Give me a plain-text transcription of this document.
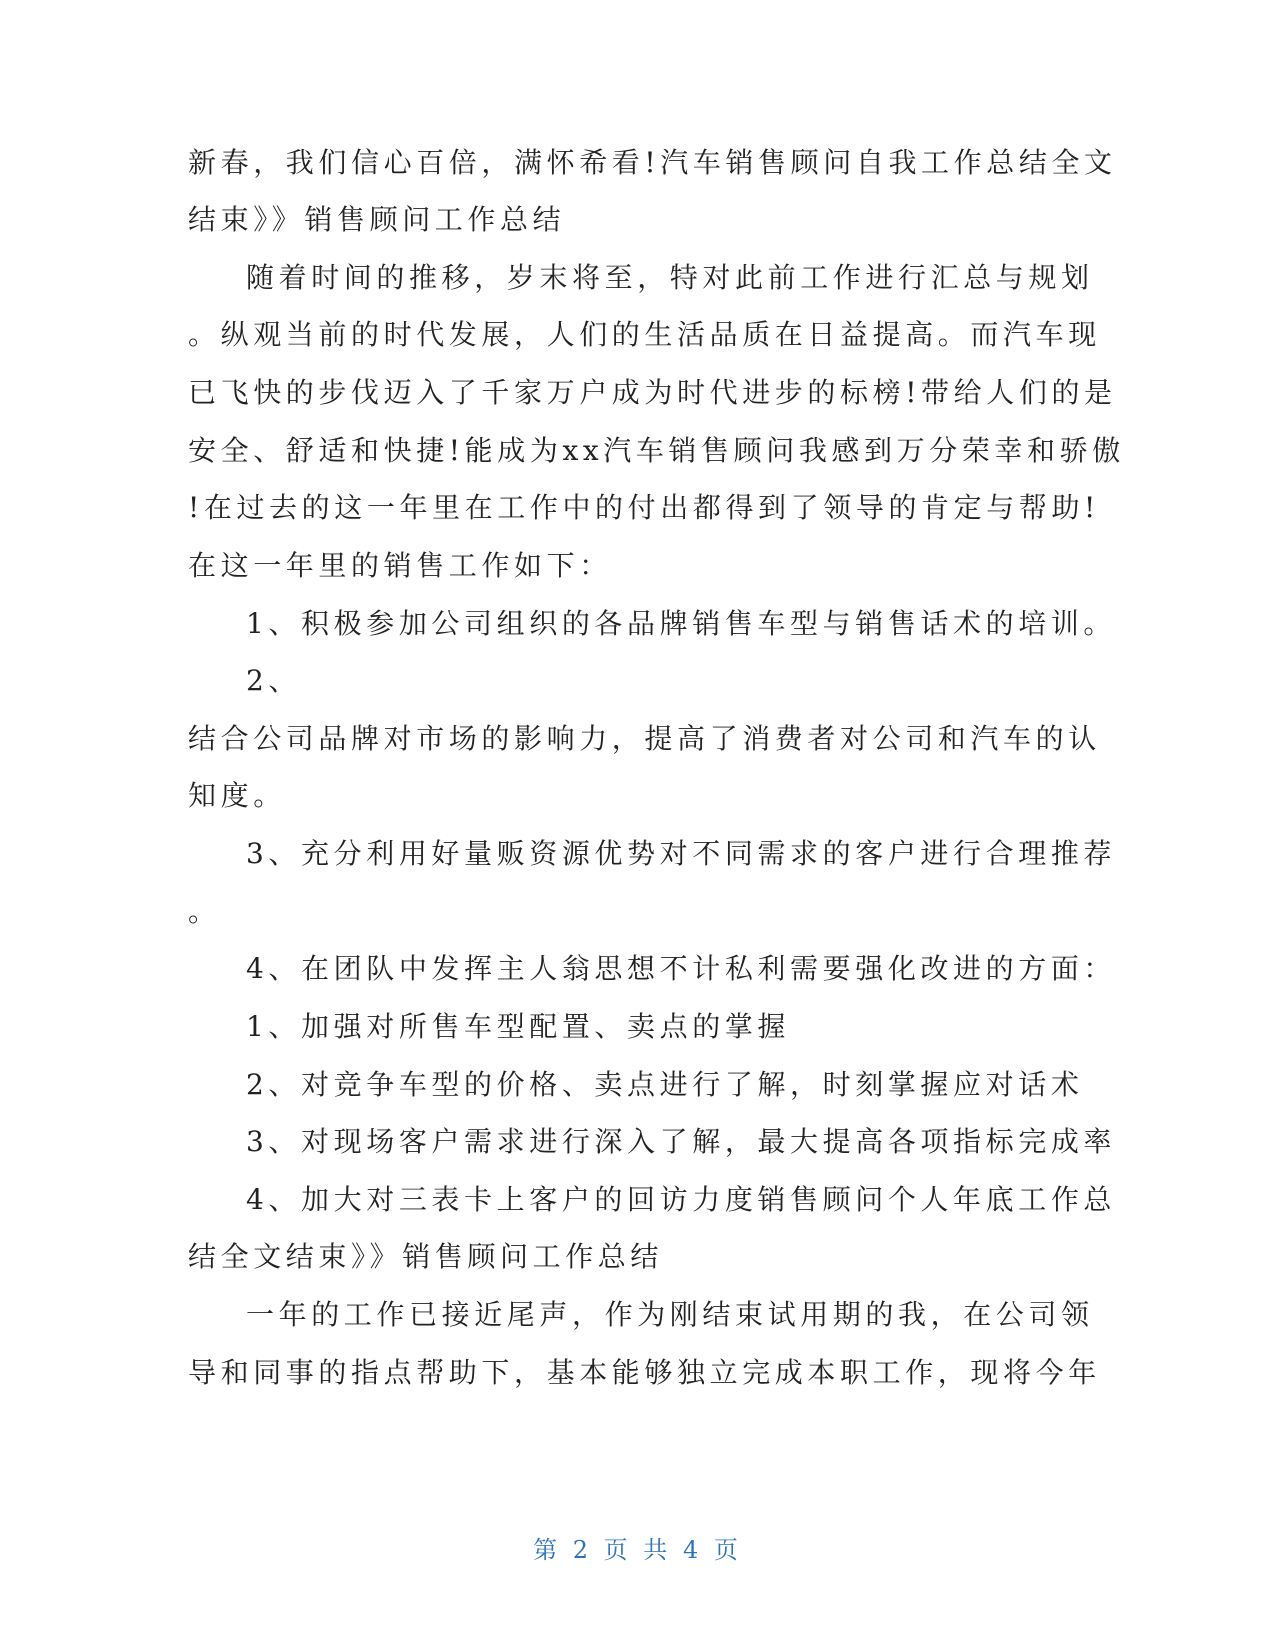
新春，我们信心百倍，满怀希看!汽车销售顾问自我工作总结全文
结束》》销售顾问工作总结
随着时间的推移，岁末将至，特对此前工作进行汇总与规划
。纵观当前的时代发展，人们的生活品质在日益提高。而汽车现
已飞快的步伐迈入了千家万户成为时代进步的标榜!带给人们的是
安全、舒适和快捷!能成为xx汽车销售顾问我感到万分荣幸和骄傲
!在过去的这一年里在工作中的付出都得到了领导的肯定与帮助!
在这一年里的销售工作如下：
1、积极参加公司组织的各品牌销售车型与销售话术的培训。
2、
结合公司品牌对市场的影响力，提高了消费者对公司和汽车的认
知度。
3、充分利用好量贩资源优势对不同需求的客户进行合理推荐
。
4、在团队中发挥主人翁思想不计私利需要强化改进的方面：
1、加强对所售车型配置、卖点的掌握
2、对竞争车型的价格、卖点进行了解，时刻掌握应对话术
3、对现场客户需求进行深入了解，最大提高各项指标完成率
4、加大对三表卡上客户的回访力度销售顾问个人年底工作总
结全文结束》》销售顾问工作总结
一年的工作已接近尾声，作为刚结束试用期的我，在公司领
导和同事的指点帮助下，基本能够独立完成本职工作，现将今年
第 2 页 共 4 页
